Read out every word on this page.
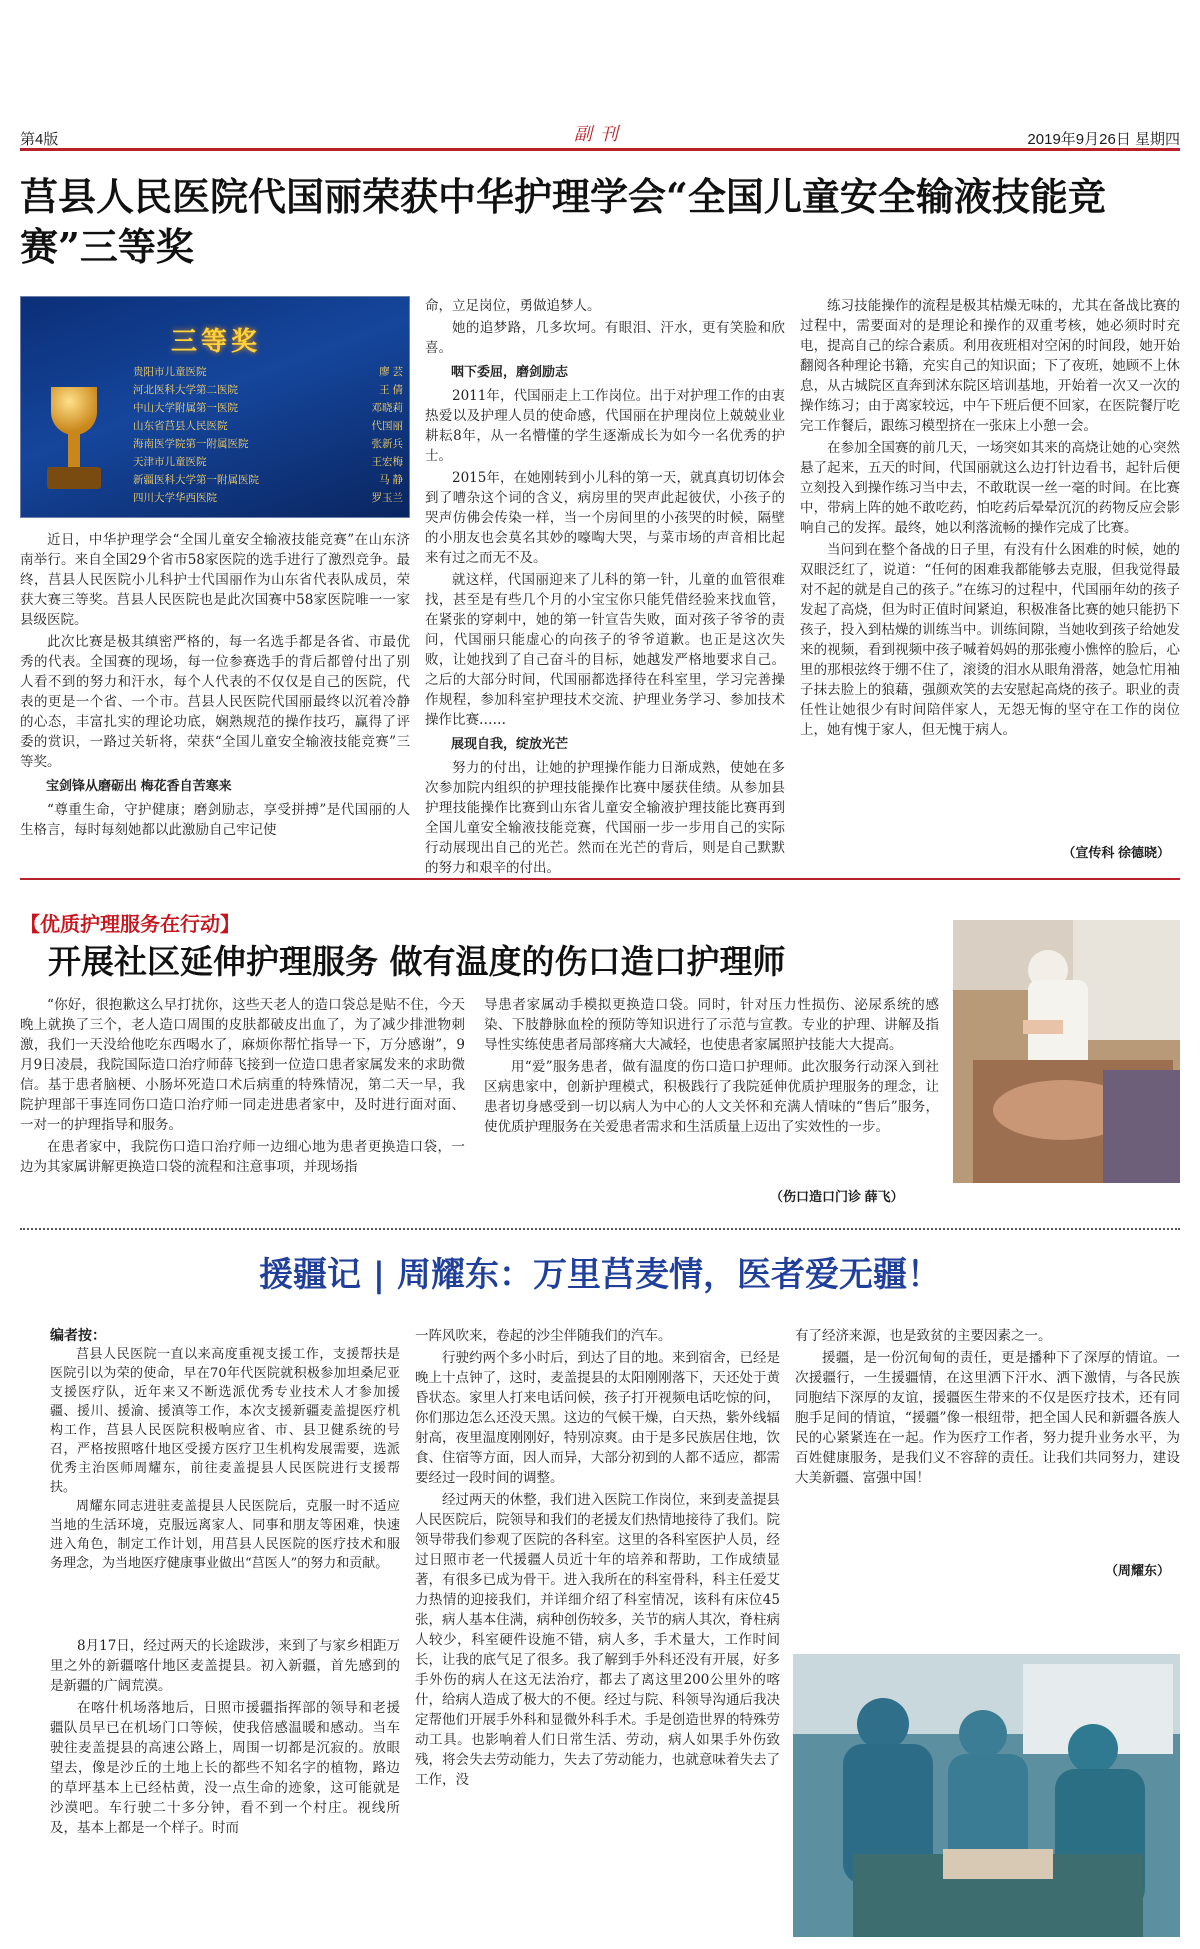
第4版	副刊	2019年9月26日 星期四
莒县人民医院代国丽荣获中华护理学会“全国儿童安全输液技能竞赛”三等奖
三等奖
贵阳市儿童医院	廖 芸
河北医科大学第二医院	王 倩
中山大学附属第一医院	邓晓莉
山东省莒县人民医院	代国丽
海南医学院第一附属医院	张新兵
天津市儿童医院	王宏梅
新疆医科大学第一附属医院	马 静
四川大学华西医院	罗玉兰

近日，中华护理学会“全国儿童安全输液技能竞赛”在山东济南举行。来自全国29个省市58家医院的选手进行了激烈竞争。最终，莒县人民医院小儿科护士代国丽作为山东省代表队成员，荣获大赛三等奖。莒县人民医院也是此次国赛中58家医院唯一一家县级医院。

此次比赛是极其缜密严格的，每一名选手都是各省、市最优秀的代表。全国赛的现场，每一位参赛选手的背后都曾付出了别人看不到的努力和汗水，每个人代表的不仅仅是自己的医院，代表的更是一个省、一个市。莒县人民医院代国丽最终以沉着冷静的心态，丰富扎实的理论功底，娴熟规范的操作技巧，赢得了评委的赏识，一路过关斩将，荣获“全国儿童安全输液技能竞赛”三等奖。

宝剑锋从磨砺出 梅花香自苦寒来

“尊重生命，守护健康；磨剑励志，享受拼搏”是代国丽的人生格言，每时每刻她都以此激励自己牢记使

命，立足岗位，勇做追梦人。

她的追梦路，几多坎坷。有眼泪、汗水，更有笑脸和欣喜。

咽下委屈，磨剑励志

2011年，代国丽走上工作岗位。出于对护理工作的由衷热爱以及护理人员的使命感，代国丽在护理岗位上兢兢业业耕耘8年，从一名懵懂的学生逐渐成长为如今一名优秀的护士。

2015年，在她刚转到小儿科的第一天，就真真切切体会到了嘈杂这个词的含义，病房里的哭声此起彼伏，小孩子的哭声仿佛会传染一样，当一个房间里的小孩哭的时候，隔壁的小朋友也会莫名其妙的嚎啕大哭，与菜市场的声音相比起来有过之而无不及。

就这样，代国丽迎来了儿科的第一针，儿童的血管很难找，甚至是有些几个月的小宝宝你只能凭借经验来找血管，在紧张的穿刺中，她的第一针宣告失败，面对孩子爷爷的责问，代国丽只能虚心的向孩子的爷爷道歉。也正是这次失败，让她找到了自己奋斗的目标，她越发严格地要求自己。之后的大部分时间，代国丽都选择待在科室里，学习完善操作规程，参加科室护理技术交流、护理业务学习、参加技术操作比赛……

展现自我，绽放光芒

努力的付出，让她的护理操作能力日渐成熟，使她在多次参加院内组织的护理技能操作比赛中屡获佳绩。从参加县护理技能操作比赛到山东省儿童安全输液护理技能比赛再到全国儿童安全输液技能竞赛，代国丽一步一步用自己的实际行动展现出自己的光芒。然而在光芒的背后，则是自己默默的努力和艰辛的付出。

练习技能操作的流程是极其枯燥无味的，尤其在备战比赛的过程中，需要面对的是理论和操作的双重考核，她必须时时充电，提高自己的综合素质。利用夜班相对空闲的时间段，她开始翻阅各种理论书籍，充实自己的知识面；下了夜班，她顾不上休息，从古城院区直奔到沭东院区培训基地，开始着一次又一次的操作练习；由于离家较远，中午下班后便不回家，在医院餐厅吃完工作餐后，跟练习模型挤在一张床上小憩一会。

在参加全国赛的前几天，一场突如其来的高烧让她的心突然悬了起来，五天的时间，代国丽就这么边打针边看书，起针后便立刻投入到操作练习当中去，不敢耽误一丝一毫的时间。在比赛中，带病上阵的她不敢吃药，怕吃药后晕晕沉沉的药物反应会影响自己的发挥。最终，她以利落流畅的操作完成了比赛。

当问到在整个备战的日子里，有没有什么困难的时候，她的双眼泛红了，说道：“任何的困难我都能够去克服，但我觉得最对不起的就是自己的孩子。”在练习的过程中，代国丽年幼的孩子发起了高烧，但为时正值时间紧迫，积极准备比赛的她只能扔下孩子，投入到枯燥的训练当中。训练间隙，当她收到孩子给她发来的视频，看到视频中孩子喊着妈妈的那张瘦小憔悴的脸后，心里的那根弦终于绷不住了，滚烫的泪水从眼角滑落，她急忙用袖子抹去脸上的狼藉，强颜欢笑的去安慰起高烧的孩子。职业的责任性让她很少有时间陪伴家人，无怨无悔的坚守在工作的岗位上，她有愧于家人，但无愧于病人。

（宣传科 徐德晓）
【优质护理服务在行动】
开展社区延伸护理服务 做有温度的伤口造口护理师

“你好，很抱歉这么早打扰你，这些天老人的造口袋总是贴不住，今天晚上就换了三个，老人造口周围的皮肤都破皮出血了，为了减少排泄物刺激，我们一天没给他吃东西喝水了，麻烦你帮忙指导一下，万分感谢”，9月9日凌晨，我院国际造口治疗师薛飞接到一位造口患者家属发来的求助微信。基于患者脑梗、小肠坏死造口术后病重的特殊情况，第二天一早，我院护理部干事连同伤口造口治疗师一同走进患者家中，及时进行面对面、一对一的护理指导和服务。

在患者家中，我院伤口造口治疗师一边细心地为患者更换造口袋，一边为其家属讲解更换造口袋的流程和注意事项，并现场指

导患者家属动手模拟更换造口袋。同时，针对压力性损伤、泌尿系统的感染、下肢静脉血栓的预防等知识进行了示范与宣教。专业的护理、讲解及指导性实练使患者局部疼痛大大减轻，也使患者家属照护技能大大提高。

用“爱”服务患者，做有温度的伤口造口护理师。此次服务行动深入到社区病患家中，创新护理模式，积极践行了我院延伸优质护理服务的理念，让患者切身感受到一切以病人为中心的人文关怀和充满人情味的“售后”服务，使优质护理服务在关爱患者需求和生活质量上迈出了实效性的一步。

（伤口造口门诊 薛飞）
援疆记 | 周耀东：万里莒麦情，医者爱无疆！
编者按：

莒县人民医院一直以来高度重视支援工作，支援帮扶是医院引以为荣的使命，早在70年代医院就积极参加坦桑尼亚支援医疗队，近年来又不断选派优秀专业技术人才参加援疆、援川、援渝、援滇等工作，本次支援新疆麦盖提医疗机构工作，莒县人民医院积极响应省、市、县卫健系统的号召，严格按照喀什地区受援方医疗卫生机构发展需要，选派优秀主治医师周耀东，前往麦盖提县人民医院进行支援帮扶。

周耀东同志进驻麦盖提县人民医院后，克服一时不适应当地的生活环境，克服远离家人、同事和朋友等困难，快速进入角色，制定工作计划，用莒县人民医院的医疗技术和服务理念，为当地医疗健康事业做出“莒医人”的努力和贡献。

8月17日，经过两天的长途跋涉，来到了与家乡相距万里之外的新疆喀什地区麦盖提县。初入新疆，首先感到的是新疆的广阔荒漠。

在喀什机场落地后，日照市援疆指挥部的领导和老援疆队员早已在机场门口等候，使我倍感温暖和感动。当车驶往麦盖提县的高速公路上，周围一切都是沉寂的。放眼望去，像是沙丘的土地上长的都些不知名字的植物，路边的草坪基本上已经枯黄，没一点生命的迹象，这可能就是沙漠吧。车行驶二十多分钟，看不到一个村庄。视线所及，基本上都是一个样子。时而

一阵风吹来，卷起的沙尘伴随我们的汽车。

行驶约两个多小时后，到达了目的地。来到宿舍，已经是晚上十点钟了，这时，麦盖提县的太阳刚刚落下，天还处于黄昏状态。家里人打来电话问候，孩子打开视频电话吃惊的问，你们那边怎么还没天黑。这边的气候干燥，白天热，紫外线辐射高，夜里温度刚刚好，特别凉爽。由于是多民族居住地，饮食、住宿等方面，因人而异，大部分初到的人都不适应，都需要经过一段时间的调整。

经过两天的休整，我们进入医院工作岗位，来到麦盖提县人民医院后，院领导和我们的老援友们热情地接待了我们。院领导带我们参观了医院的各科室。这里的各科室医护人员，经过日照市老一代援疆人员近十年的培养和帮助，工作成绩显著，有很多已成为骨干。进入我所在的科室骨科，科主任爱艾力热情的迎接我们，并详细介绍了科室情况，该科有床位45张，病人基本住满，病种创伤较多，关节的病人其次，脊柱病人较少，科室硬件设施不错，病人多，手术量大，工作时间长，让我的底气足了很多。我了解到手外科还没有开展，好多手外伤的病人在这无法治疗，都去了离这里200公里外的喀什，给病人造成了极大的不便。经过与院、科领导沟通后我决定帮他们开展手外科和显微外科手术。手是创造世界的特殊劳动工具。也影响着人们日常生活、劳动，病人如果手外伤致残，将会失去劳动能力，失去了劳动能力，也就意味着失去了工作，没

有了经济来源，也是致贫的主要因素之一。

援疆，是一份沉甸甸的责任，更是播种下了深厚的情谊。一次援疆行，一生援疆情，在这里洒下汗水、洒下激情，与各民族同胞结下深厚的友谊，援疆医生带来的不仅是医疗技术，还有同胞手足间的情谊，“援疆”像一根纽带，把全国人民和新疆各族人民的心紧紧连在一起。作为医疗工作者，努力提升业务水平，为百姓健康服务，是我们义不容辞的责任。让我们共同努力，建设大美新疆、富强中国！

（周耀东）
